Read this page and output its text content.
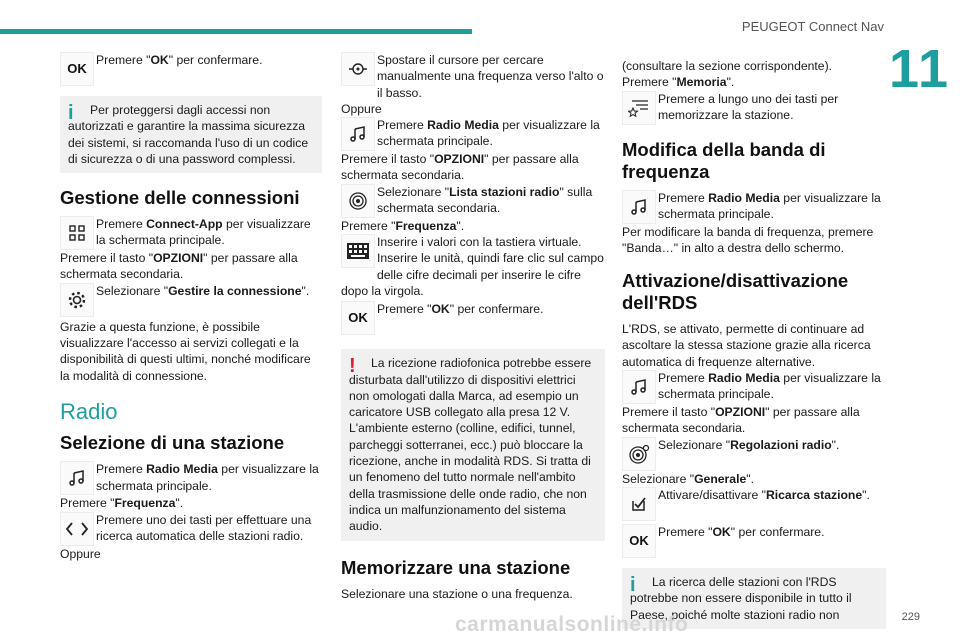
PEUGEOT Connect Nav
11
OK

Premere "OK" per confermare.

i	Per proteggersi dagli accessi non autorizzati e garantire la massima sicurezza dei sistemi, si raccomanda l'uso di un codice di sicurezza o di una password complessi.
Gestione delle connessioni

Premere Connect-App per visualizzare la schermata principale.

Premere il tasto "OPZIONI" per passare alla schermata secondaria.

Selezionare "Gestire la connessione".

Grazie a questa funzione, è possibile visualizzare l'accesso ai servizi collegati e la disponibilità di questi ultimi, nonché modificare la modalità di connessione.

Radio
Selezione di una stazione

Premere Radio Media per visualizzare la schermata principale.

Premere "Frequenza".

Premere uno dei tasti per effettuare una ricerca automatica delle stazioni radio.

Oppure

Spostare il cursore per cercare manualmente una frequenza verso l'alto o il basso.

Oppure

Premere Radio Media per visualizzare la schermata principale.

Premere il tasto "OPZIONI" per passare alla schermata secondaria.

Selezionare "Lista stazioni radio" sulla schermata secondaria.

Premere "Frequenza".

Inserire i valori con la tastiera virtuale. Inserire le unità, quindi fare clic sul campo delle cifre decimali per inserire le cifre dopo la virgola.

OK

Premere "OK" per confermare.

!	La ricezione radiofonica potrebbe essere disturbata dall'utilizzo di dispositivi elettrici non omologati dalla Marca, ad esempio un caricatore USB collegato alla presa 12 V.
L'ambiente esterno (colline, edifici, tunnel, parcheggi sotterranei, ecc.) può bloccare la ricezione, anche in modalità RDS. Si tratta di un fenomeno del tutto normale nell'ambito della trasmissione delle onde radio, che non indica un malfunzionamento del sistema audio.
Memorizzare una stazione

Selezionare una stazione o una frequenza.

(consultare la sezione corrispondente).

Premere "Memoria".

Premere a lungo uno dei tasti per memorizzare la stazione.

Modifica della banda di frequenza

Premere Radio Media per visualizzare la schermata principale.

Per modificare la banda di frequenza, premere "Banda…" in alto a destra dello schermo.

Attivazione/disattivazione dell'RDS

L'RDS, se attivato, permette di continuare ad ascoltare la stessa stazione grazie alla ricerca automatica di frequenze alternative.

Premere Radio Media per visualizzare la schermata principale.

Premere il tasto "OPZIONI" per passare alla schermata secondaria.

Selezionare "Regolazioni radio".

Selezionare "Generale".

Attivare/disattivare "Ricarca stazione".

OK

Premere "OK" per confermare.

i	La ricerca delle stazioni con l'RDS potrebbe non essere disponibile in tutto il Paese, poiché molte stazioni radio non	229
carmanualsonline.info
